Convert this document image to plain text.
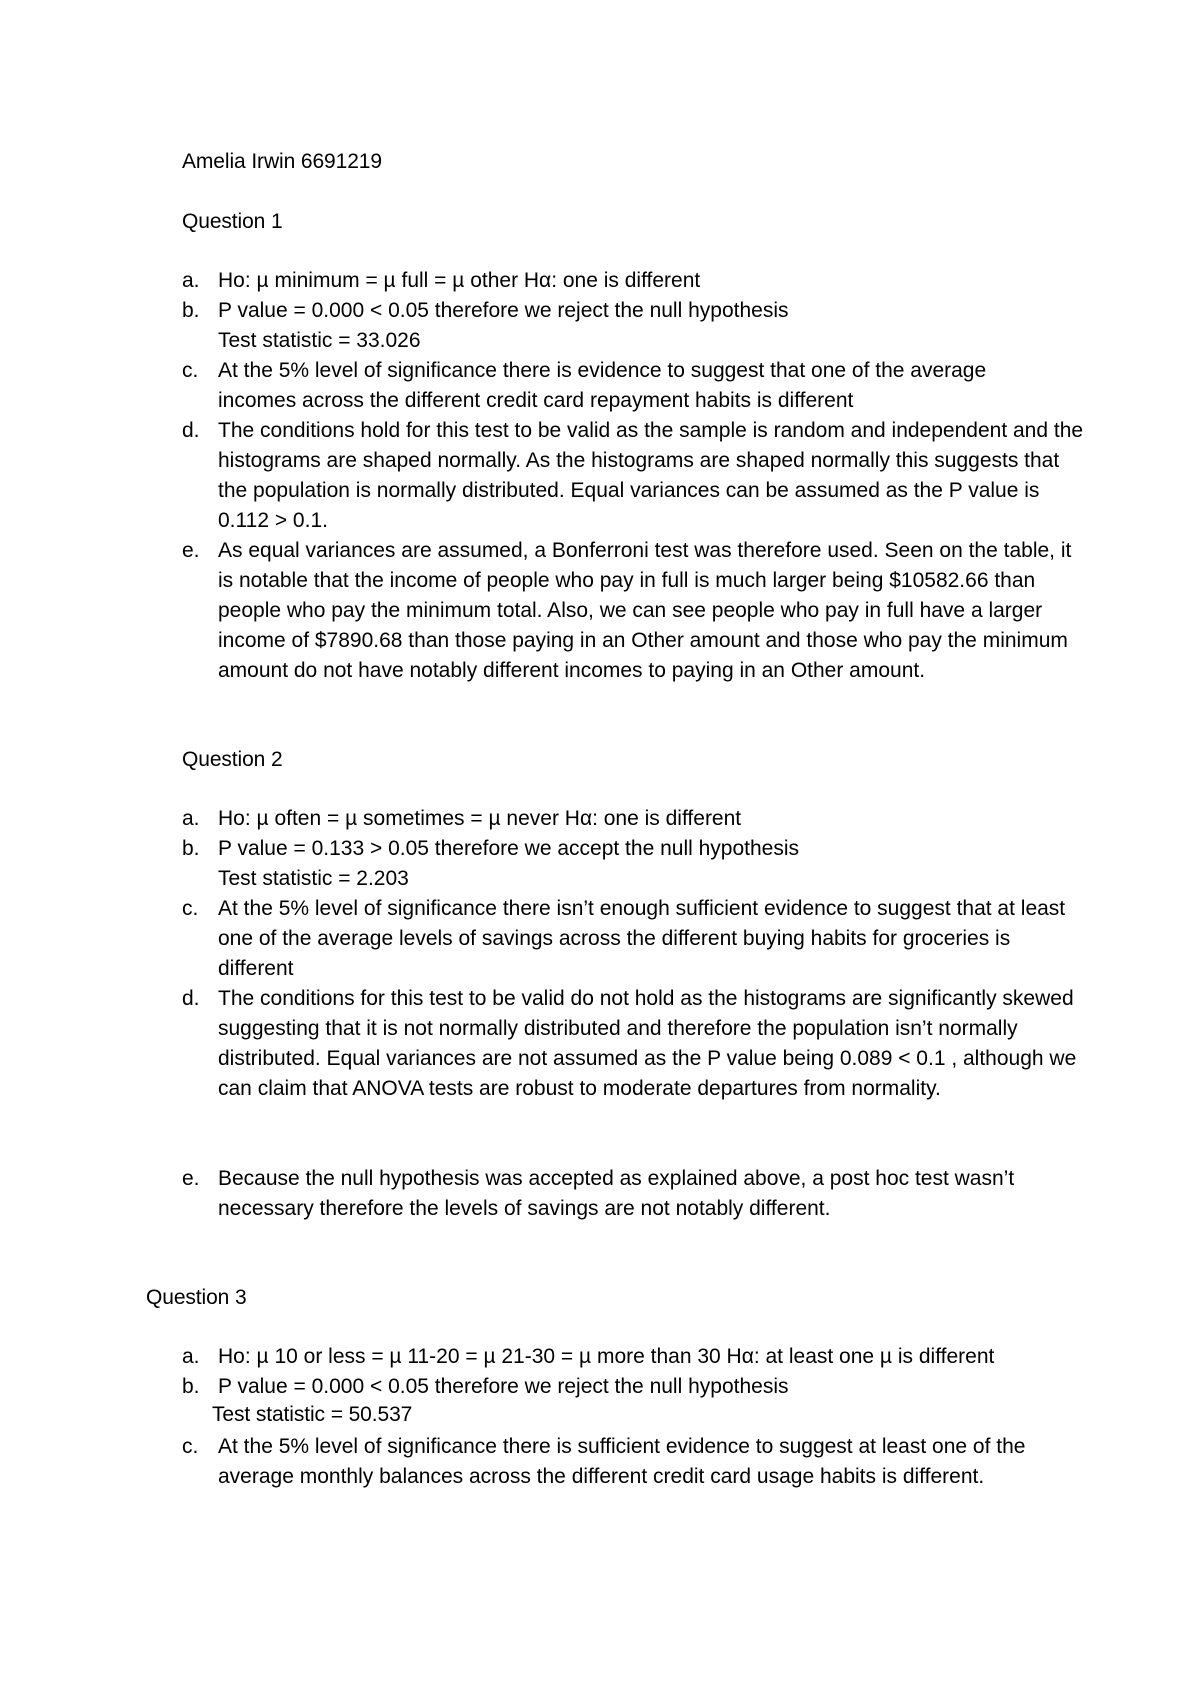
Amelia Irwin 6691219
Question 1
a. Ho: µ minimum = µ full = µ other Hα: one is different
b. P value = 0.000 < 0.05 therefore we reject the null hypothesis
Test statistic = 33.026
c. At the 5% level of significance there is evidence to suggest that one of the average incomes across the different credit card repayment habits is different
d. The conditions hold for this test to be valid as the sample is random and independent and the histograms are shaped normally. As the histograms are shaped normally this suggests that the population is normally distributed. Equal variances can be assumed as the P value is 0.112 > 0.1.
e. As equal variances are assumed, a Bonferroni test was therefore used. Seen on the table, it is notable that the income of people who pay in full is much larger being $10582.66 than people who pay the minimum total. Also, we can see people who pay in full have a larger income of $7890.68 than those paying in an Other amount and those who pay the minimum amount do not have notably different incomes to paying in an Other amount.
Question 2
a. Ho: µ often = µ sometimes = µ never Hα: one is different
b. P value = 0.133 > 0.05 therefore we accept the null hypothesis
Test statistic = 2.203
c. At the 5% level of significance there isn’t enough sufficient evidence to suggest that at least one of the average levels of savings across the different buying habits for groceries is different
d. The conditions for this test to be valid do not hold as the histograms are significantly skewed suggesting that it is not normally distributed and therefore the population isn’t normally distributed. Equal variances are not assumed as the P value being 0.089 < 0.1 , although we can claim that ANOVA tests are robust to moderate departures from normality.
e. Because the null hypothesis was accepted as explained above, a post hoc test wasn’t necessary therefore the levels of savings are not notably different.
Question 3
a. Ho: µ 10 or less = µ 11-20 = µ 21-30 = µ more than 30 Hα: at least one µ is different
b. P value = 0.000 < 0.05 therefore we reject the null hypothesis
Test statistic = 50.537
c. At the 5% level of significance there is sufficient evidence to suggest at least one of the average monthly balances across the different credit card usage habits is different.
